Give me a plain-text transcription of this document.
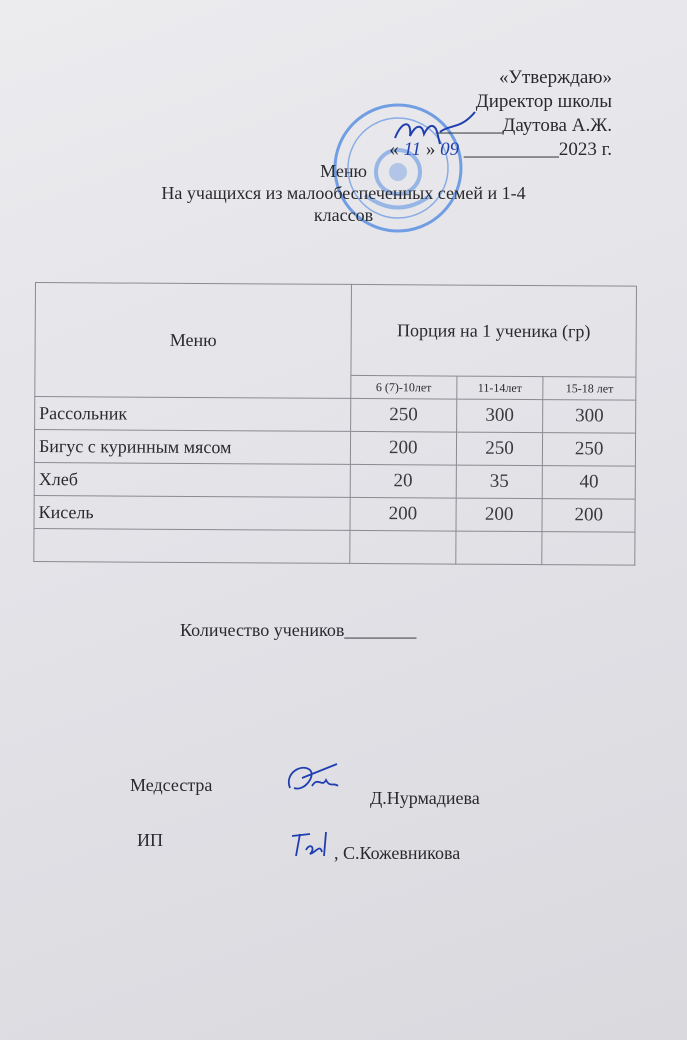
«Утверждаю»
Директор школы
_______Даутова А.Ж.
« 11 » 09 __________2023 г.
Меню
На учащихся из малообеспеченных семей и 1-4
классов
Меню	Порция на 1 ученика (гр)		
	6 (7)-10лет	11-14лет	15-18 лет
Рассольник	250	300	300
Бигус с куринным мясом	200	250	250
Хлеб	20	35	40
Кисель	200	200	200

Количество учеников________
Медсестра
Д.Нурмадиева
ИП
, С.Кожевникова
